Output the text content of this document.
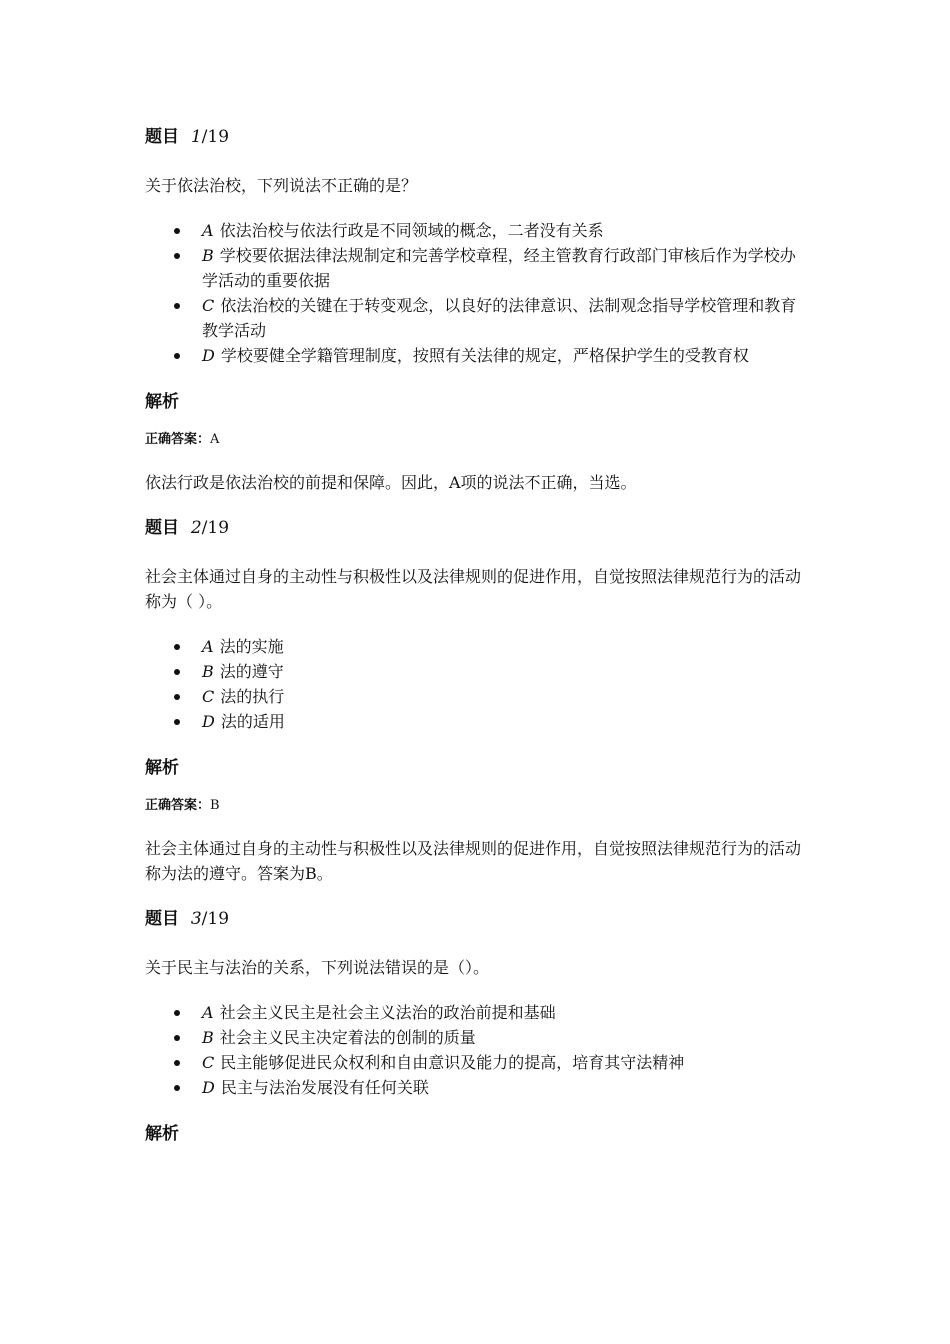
题目 1/19

关于依法治校，下列说法不正确的是？

A 依法治校与依法行政是不同领域的概念，二者没有关系
B 学校要依据法律法规制定和完善学校章程，经主管教育行政部门审核后作为学校办学活动的重要依据
C 依法治校的关键在于转变观念，以良好的法律意识、法制观念指导学校管理和教育教学活动
D 学校要健全学籍管理制度，按照有关法律的规定，严格保护学生的受教育权

解析

正确答案：A

依法行政是依法治校的前提和保障。因此，A项的说法不正确，当选。

题目 2/19

社会主体通过自身的主动性与积极性以及法律规则的促进作用，自觉按照法律规范行为的活动称为（ ）。

A 法的实施
B 法的遵守
C 法的执行
D 法的适用

解析

正确答案：B

社会主体通过自身的主动性与积极性以及法律规则的促进作用，自觉按照法律规范行为的活动称为法的遵守。答案为B。

题目 3/19

关于民主与法治的关系，下列说法错误的是（）。

A 社会主义民主是社会主义法治的政治前提和基础
B 社会主义民主决定着法的创制的质量
C 民主能够促进民众权利和自由意识及能力的提高，培育其守法精神
D 民主与法治发展没有任何关联

解析
